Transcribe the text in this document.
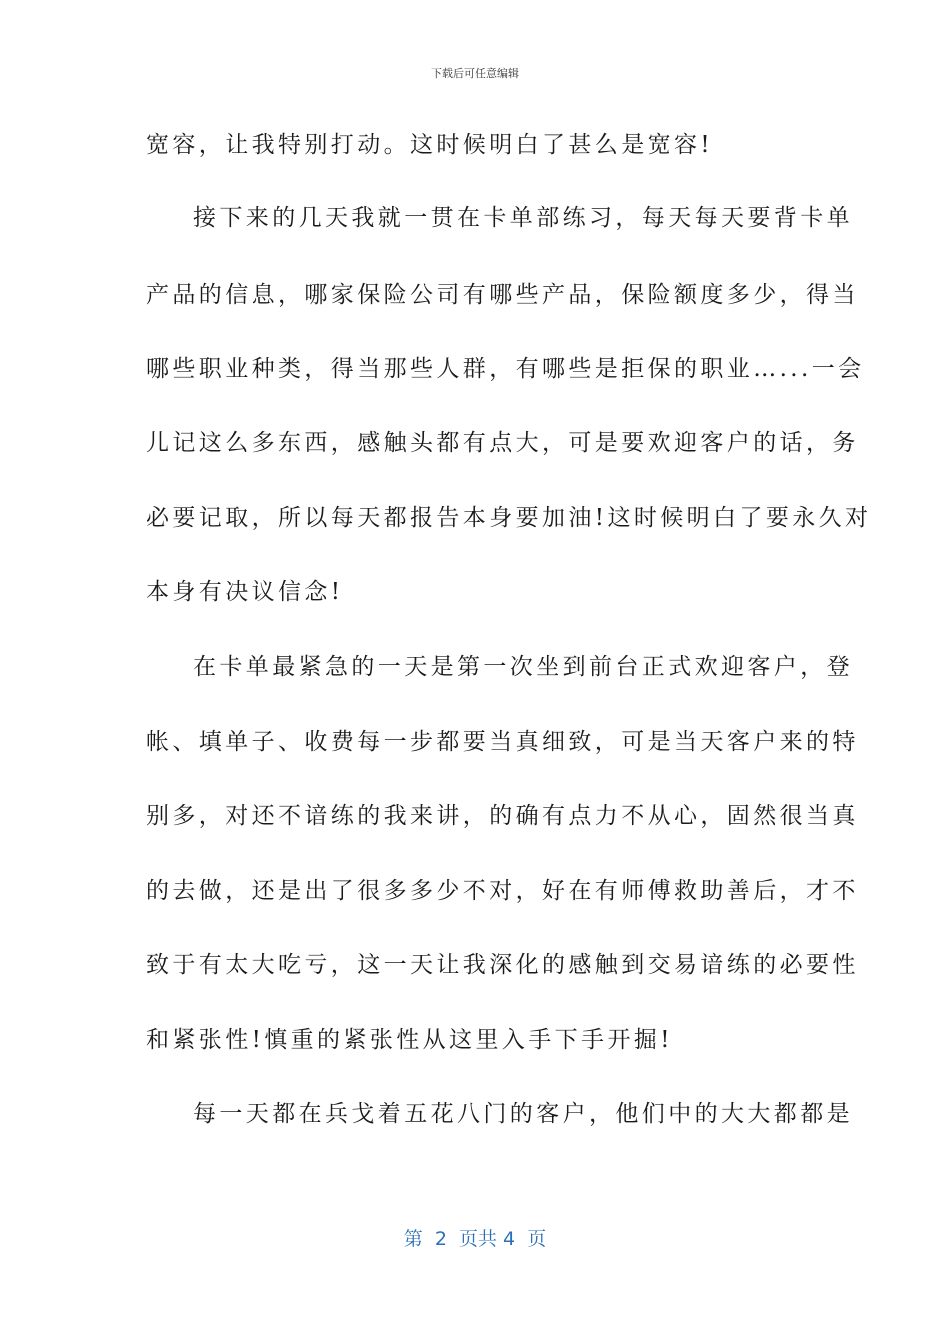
下载后可任意编辑
宽容，让我特别打动。这时候明白了甚么是宽容!
接下来的几天我就一贯在卡单部练习，每天每天要背卡单
产品的信息，哪家保险公司有哪些产品，保险额度多少，得当
哪些职业种类，得当那些人群，有哪些是拒保的职业…...一会
儿记这么多东西，感触头都有点大，可是要欢迎客户的话，务
必要记取，所以每天都报告本身要加油!这时候明白了要永久对
本身有决议信念!
在卡单最紧急的一天是第一次坐到前台正式欢迎客户，登
帐、填单子、收费每一步都要当真细致，可是当天客户来的特
别多，对还不谙练的我来讲，的确有点力不从心，固然很当真
的去做，还是出了很多多少不对，好在有师傅救助善后，才不
致于有太大吃亏，这一天让我深化的感触到交易谙练的必要性
和紧张性!慎重的紧张性从这里入手下手开掘!
每一天都在兵戈着五花八门的客户，他们中的大大都都是
第  2  页共 4  页
